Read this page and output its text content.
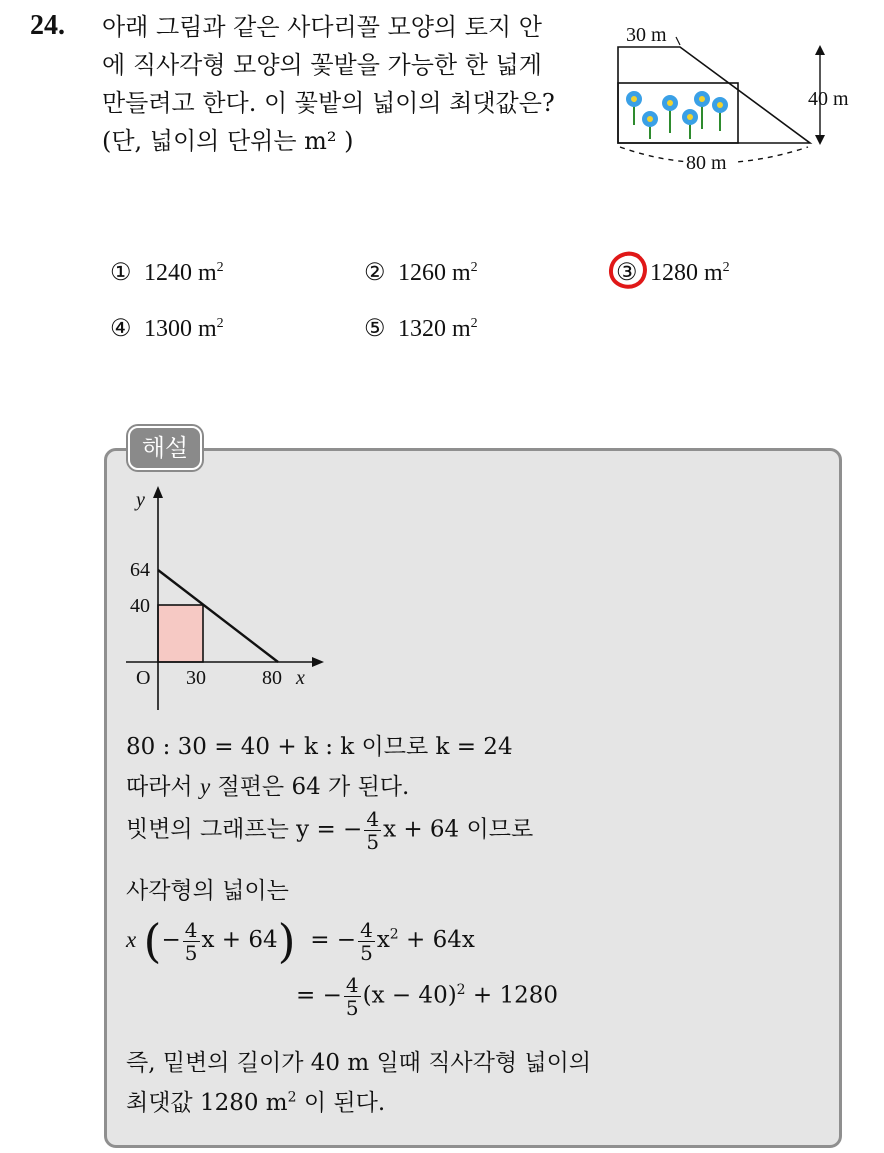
24. 아래 그림과 같은 사다리꼴 모양의 토지 안
에 직사각형 모양의 꽃밭을 가능한 한 넓게
만들려고 한다. 이 꽃밭의 넓이의 최댓값은?
(단, 넓이의 단위는 m² )
30 m
40 m
80 m
① 1240 $m^2$	② 1260 $m^2$	③ 1280 $m^2$
④ 1300 $m^2$	⑤ 1320 $m^2$
해설
y
x
O
64
40
30	80
80 : 30 = 40 + k : k 이므로 k = 24
따라서 y 절편은 64 가 된다.
빗변의 그래프는 y = − $\frac{4}{5}$ x + 64 이므로
사각형의 넓이는
x (− $\frac{4}{5}$ x + 64) = − $\frac{4}{5} x^2 + 64x$
= − $\frac{4}{5} (x - 40)^2 + 1280$
즉, 밑변의 길이가 40 m 일때 직사각형 넓이의
최댓값 1280 $m^2$ 이 된다.
